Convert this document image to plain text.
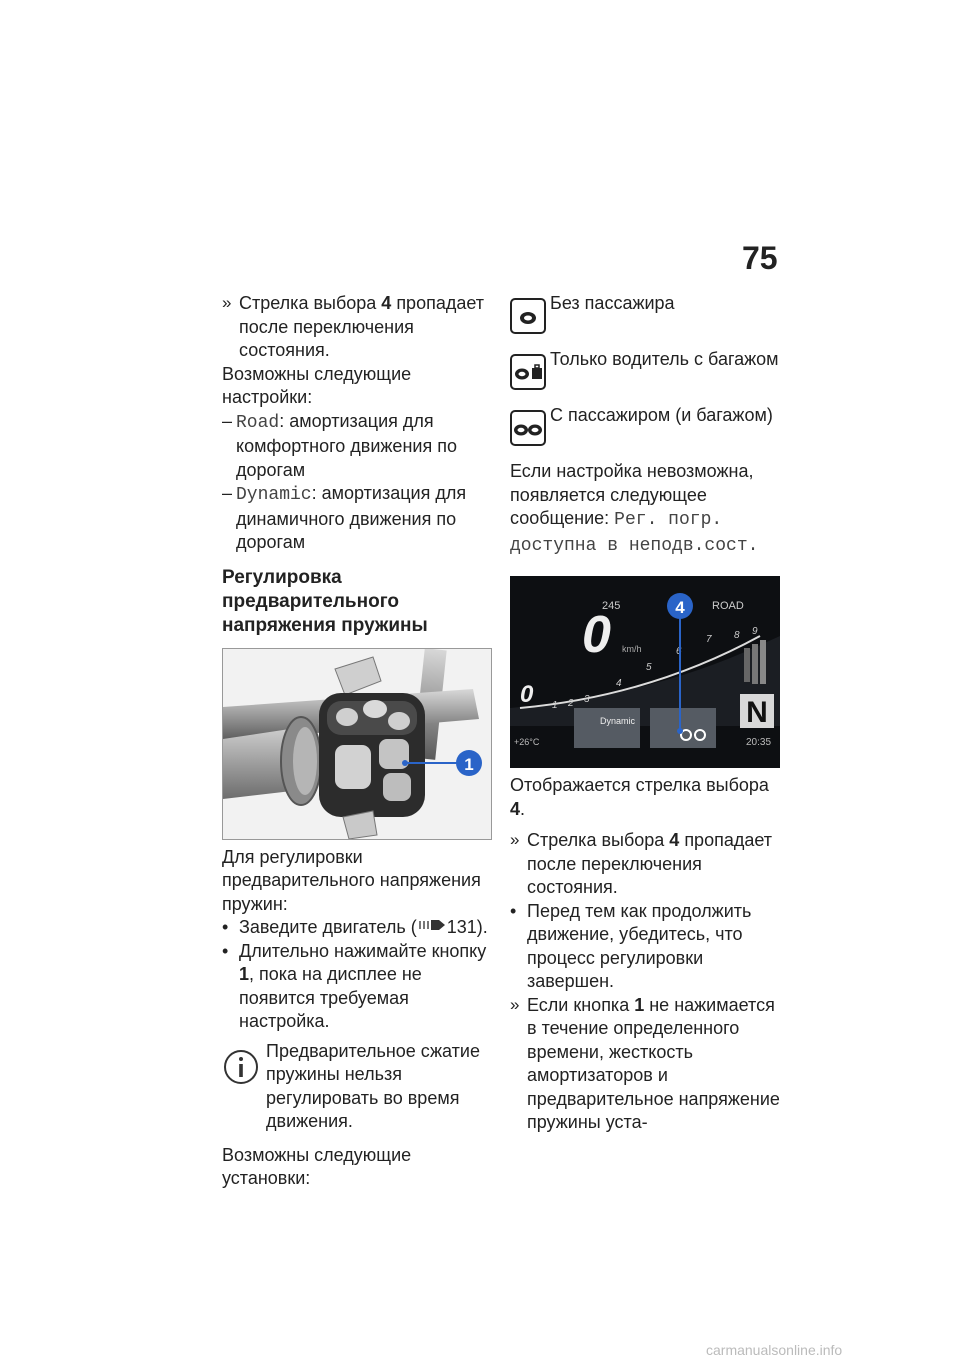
75

» Стрелка выбора 4 пропадает после переключения состояния.

Возможны следующие настройки:

– Road: амортизация для комфортного движения по дорогам

– Dynamic: амортизация для динамичного движения по дорогам

Регулировка предварительного напряжения пружины

1

Для регулировки предварительного напряжения пружин:

• Заведите двигатель ( 131).

• Длительно нажимайте кнопку 1, пока на дисплее не появится требуемая настройка.

Предварительное сжатие пружины нельзя регулировать во время движения.

Возможны следующие установки:

Без пассажира
Только водитель с багажом
С пассажиром (и багажом)

Если настройка невозможна, появляется следующее сообщение: Рег. погр. доступна в неподв.сост.

245	ROAD
0 km/h
0 1 2 3
4
5
6
7 8 9
Dynamic	N
+26°C	20:35
4

Отображается стрелка выбора 4.

» Стрелка выбора 4 пропадает после переключения состояния.

• Перед тем как продолжить движение, убедитесь, что процесс регулировки завершен.

» Если кнопка 1 не нажимается в течение определенного времени, жесткость амортизаторов и предварительное напряжение пружины уста-

carmanualsonline.info
